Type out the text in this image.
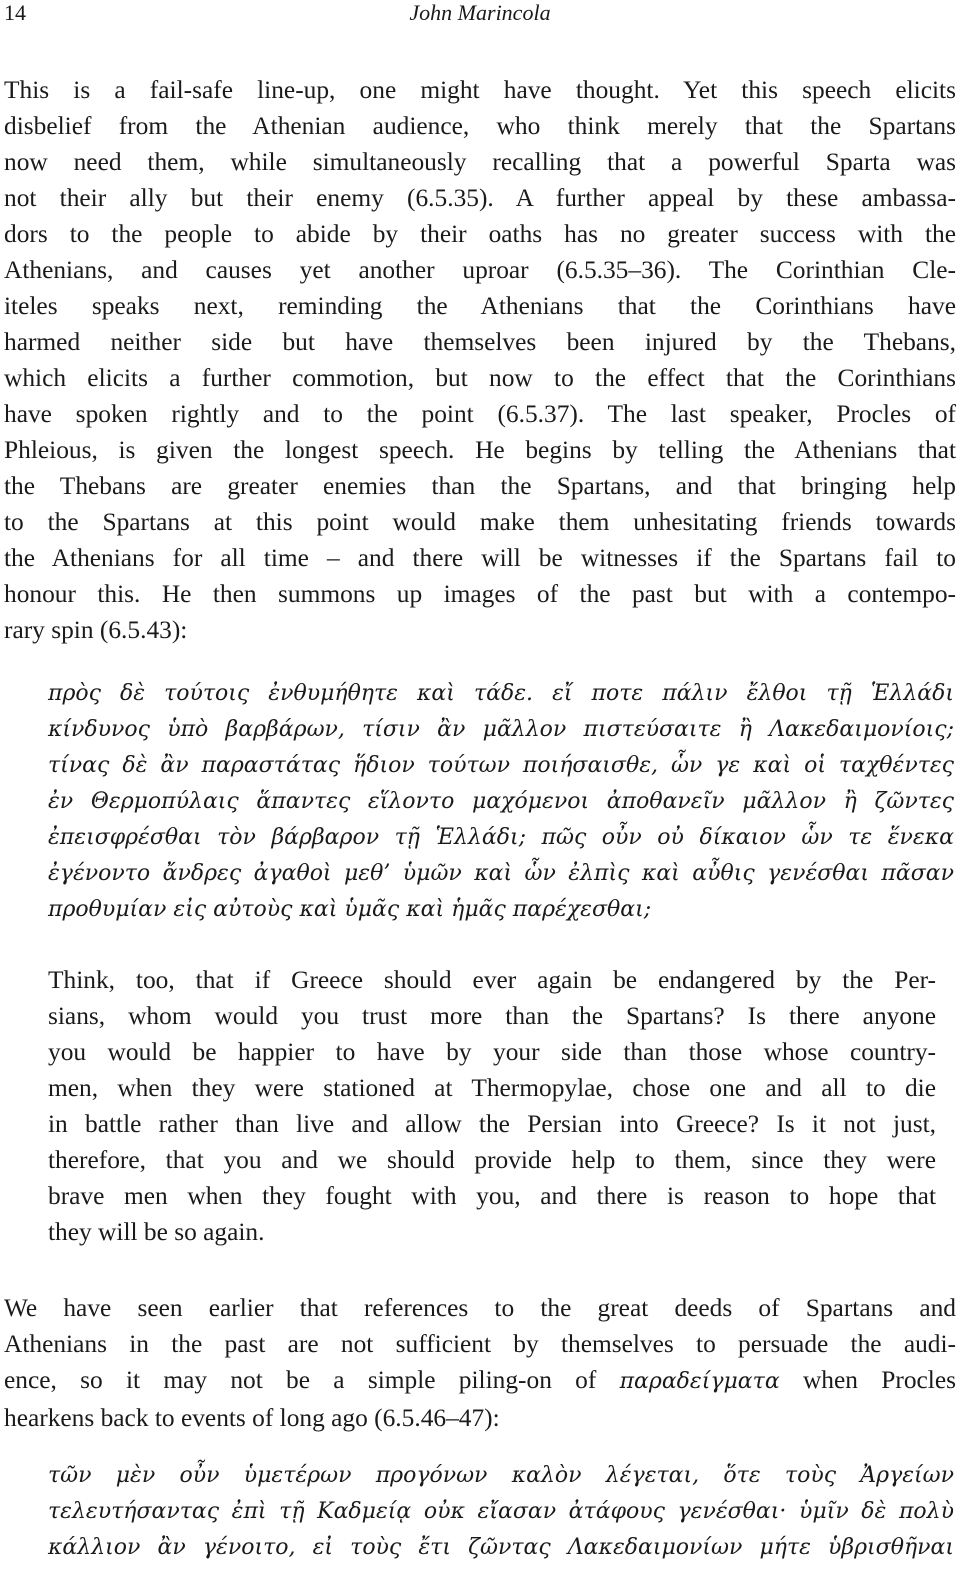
14	John Marincola

This is a fail-safe line-up, one might have thought. Yet this speech elicits
disbelief from the Athenian audience, who think merely that the Spartans
now need them, while simultaneously recalling that a powerful Sparta was
not their ally but their enemy (6.5.35). A further appeal by these ambassa-
dors to the people to abide by their oaths has no greater success with the
Athenians, and causes yet another uproar (6.5.35–36). The Corinthian Cle-
iteles speaks next, reminding the Athenians that the Corinthians have
harmed neither side but have themselves been injured by the Thebans,
which elicits a further commotion, but now to the effect that the Corinthians
have spoken rightly and to the point (6.5.37). The last speaker, Procles of
Phleious, is given the longest speech. He begins by telling the Athenians that
the Thebans are greater enemies than the Spartans, and that bringing help
to the Spartans at this point would make them unhesitating friends towards
the Athenians for all time – and there will be witnesses if the Spartans fail to
honour this. He then summons up images of the past but with a contempo-
rary spin (6.5.43):

πρὸς δὲ τούτοις ἐνθυμήθητε καὶ τάδε. εἴ ποτε πάλιν ἔλθοι τῇ Ἑλλάδι
κίνδυνος ὑπὸ βαρβάρων, τίσιν ἂν μᾶλλον πιστεύσαιτε ἢ Λακεδαιμονίοις;
τίνας δὲ ἂν παραστάτας ἥδιον τούτων ποιήσαισθε, ὧν γε καὶ οἱ ταχθέντες
ἐν Θερμοπύλαις ἅπαντες εἵλοντο μαχόμενοι ἀποθανεῖν μᾶλλον ἢ ζῶντες
ἐπεισφρέσθαι τὸν βάρβαρον τῇ Ἑλλάδι; πῶς οὖν οὐ δίκαιον ὧν τε ἕνεκα
ἐγένοντο ἄνδρες ἀγαθοὶ μεθ’ ὑμῶν καὶ ὧν ἐλπὶς καὶ αὖθις γενέσθαι πᾶσαν
προθυμίαν εἰς αὐτοὺς καὶ ὑμᾶς καὶ ἡμᾶς παρέχεσθαι;

Think, too, that if Greece should ever again be endangered by the Per-
sians, whom would you trust more than the Spartans? Is there anyone
you would be happier to have by your side than those whose country-
men, when they were stationed at Thermopylae, chose one and all to die
in battle rather than live and allow the Persian into Greece? Is it not just,
therefore, that you and we should provide help to them, since they were
brave men when they fought with you, and there is reason to hope that
they will be so again.

We have seen earlier that references to the great deeds of Spartans and
Athenians in the past are not sufficient by themselves to persuade the audi-
ence, so it may not be a simple piling-on of παραδείγματα when Procles
hearkens back to events of long ago (6.5.46–47):

τῶν μὲν οὖν ὑμετέρων προγόνων καλὸν λέγεται, ὅτε τοὺς Ἀργείων
τελευτήσαντας ἐπὶ τῇ Καδμείᾳ οὐκ εἴασαν ἀτάφους γενέσθαι· ὑμῖν δὲ πολὺ
κάλλιον ἂν γένοιτο, εἰ τοὺς ἔτι ζῶντας Λακεδαιμονίων μήτε ὑβρισθῆναι
